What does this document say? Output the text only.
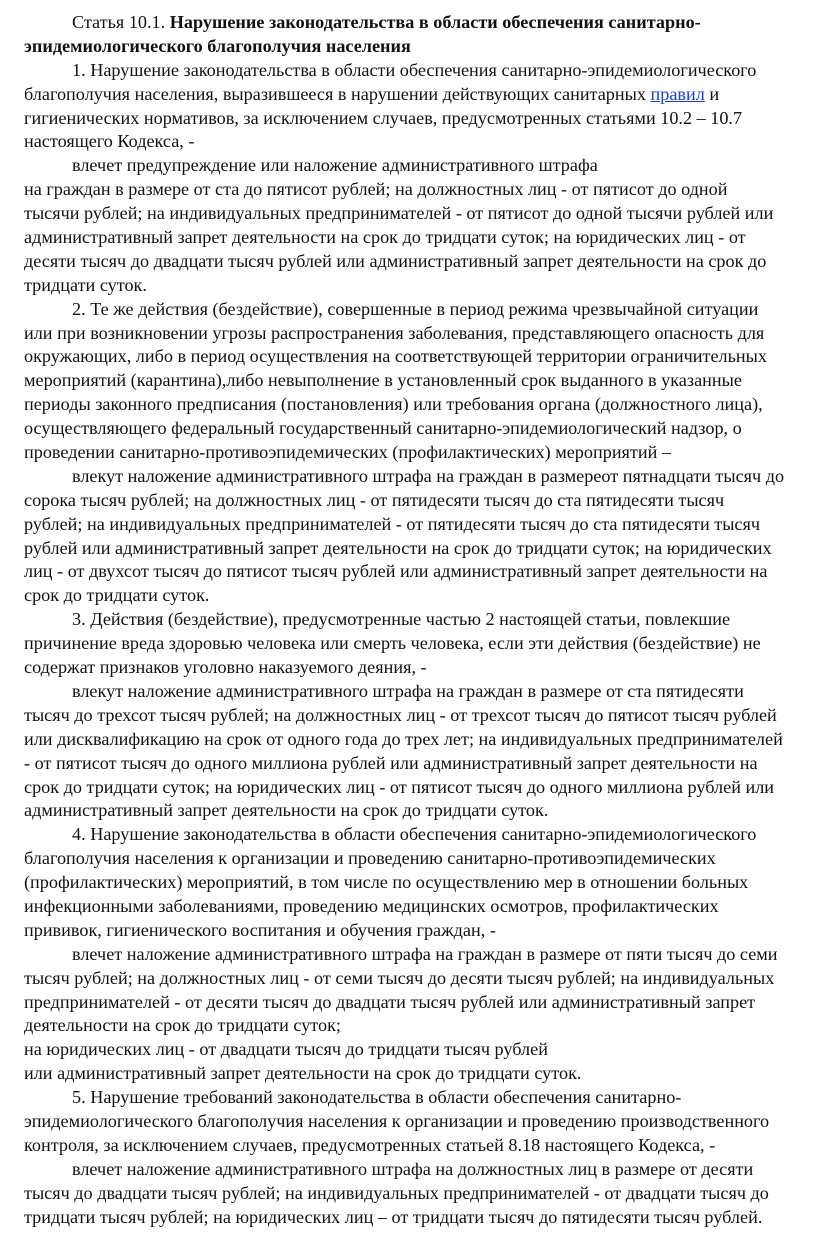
Статья 10.1. Нарушение законодательства в области обеспечения санитарно-
эпидемиологического благополучия населения
1. Нарушение законодательства в области обеспечения санитарно-эпидемиологического
благополучия населения, выразившееся в нарушении действующих санитарных правил и
гигиенических нормативов, за исключением случаев, предусмотренных статьями 10.2 – 10.7
настоящего Кодекса, -
влечет предупреждение или наложение административного штрафа
на граждан в размере от ста до пятисот рублей; на должностных лиц - от пятисот до одной
тысячи рублей; на индивидуальных предпринимателей - от пятисот до одной тысячи рублей или
административный запрет деятельности на срок до тридцати суток; на юридических лиц - от
десяти тысяч до двадцати тысяч рублей или административный запрет деятельности на срок до
тридцати суток.
2. Те же действия (бездействие), совершенные в период режима чрезвычайной ситуации
или при возникновении угрозы распространения заболевания, представляющего опасность для
окружающих, либо в период осуществления на соответствующей территории ограничительных
мероприятий (карантина),либо невыполнение в установленный срок выданного в указанные
периоды законного предписания (постановления) или требования органа (должностного лица),
осуществляющего федеральный государственный санитарно-эпидемиологический надзор, о
проведении санитарно-противоэпидемических (профилактических) мероприятий –
влекут наложение административного штрафа на граждан в размереот пятнадцати тысяч до
сорока тысяч рублей; на должностных лиц - от пятидесяти тысяч до ста пятидесяти тысяч
рублей; на индивидуальных предпринимателей - от пятидесяти тысяч до ста пятидесяти тысяч
рублей или административный запрет деятельности на срок до тридцати суток; на юридических
лиц - от двухсот тысяч до пятисот тысяч рублей или административный запрет деятельности на
срок до тридцати суток.
3. Действия (бездействие), предусмотренные частью 2 настоящей статьи, повлекшие
причинение вреда здоровью человека или смерть человека, если эти действия (бездействие) не
содержат признаков уголовно наказуемого деяния, -
влекут наложение административного штрафа на граждан в размере от ста пятидесяти
тысяч до трехсот тысяч рублей; на должностных лиц - от трехсот тысяч до пятисот тысяч рублей
или дисквалификацию на срок от одного года до трех лет; на индивидуальных предпринимателей
- от пятисот тысяч до одного миллиона рублей или административный запрет деятельности на
срок до тридцати суток; на юридических лиц - от пятисот тысяч до одного миллиона рублей или
административный запрет деятельности на срок до тридцати суток.
4. Нарушение законодательства в области обеспечения санитарно-эпидемиологического
благополучия населения к организации и проведению санитарно-противоэпидемических
(профилактических) мероприятий, в том числе по осуществлению мер в отношении больных
инфекционными заболеваниями, проведению медицинских осмотров, профилактических
прививок, гигиенического воспитания и обучения граждан, -
влечет наложение административного штрафа на граждан в размере от пяти тысяч до семи
тысяч рублей; на должностных лиц - от семи тысяч до десяти тысяч рублей; на индивидуальных
предпринимателей - от десяти тысяч до двадцати тысяч рублей или административный запрет
деятельности на срок до тридцати суток;
на юридических лиц - от двадцати тысяч до тридцати тысяч рублей
или административный запрет деятельности на срок до тридцати суток.
5. Нарушение требований законодательства в области обеспечения санитарно-
эпидемиологического благополучия населения к организации и проведению производственного
контроля, за исключением случаев, предусмотренных статьей 8.18 настоящего Кодекса, -
влечет наложение административного штрафа на должностных лиц в размере от десяти
тысяч до двадцати тысяч рублей; на индивидуальных предпринимателей - от двадцати тысяч до
тридцати тысяч рублей; на юридических лиц – от тридцати тысяч до пятидесяти тысяч рублей.
